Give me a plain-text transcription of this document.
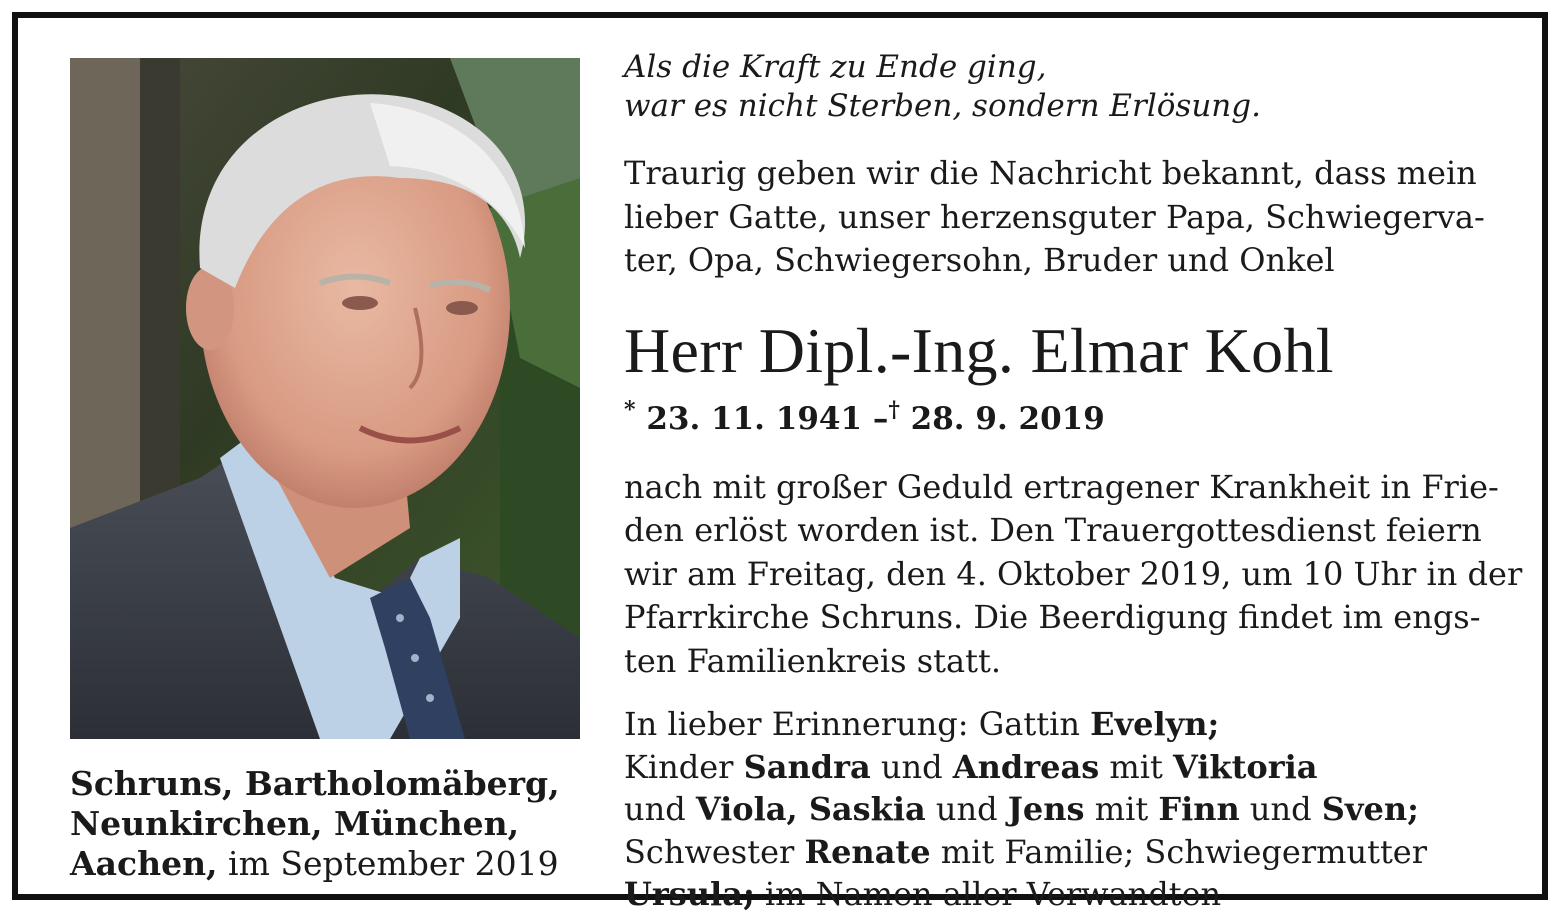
Schruns, Bartholomäberg,
Neunkirchen, München,
Aachen, im September 2019

Als die Kraft zu Ende ging,
war es nicht Sterben, sondern Erlösung.

Traurig geben wir die Nachricht bekannt, dass mein
lieber Gatte, unser herzensguter Papa, Schwiegerva-
ter, Opa, Schwiegersohn, Bruder und Onkel

Herr Dipl.-Ing. Elmar Kohl
* 23. 11. 1941 –† 28. 9. 2019

nach mit großer Geduld ertragener Krankheit in Frie-
den erlöst worden ist. Den Trauergottesdienst feiern
wir am Freitag, den 4. Oktober 2019, um 10 Uhr in der
Pfarrkirche Schruns. Die Beerdigung findet im engs-
ten Familienkreis statt.

In lieber Erinnerung: Gattin Evelyn;
Kinder Sandra und Andreas mit Viktoria
und Viola, Saskia und Jens mit Finn und Sven;
Schwester Renate mit Familie; Schwiegermutter
Ursula; im Namen aller Verwandten
